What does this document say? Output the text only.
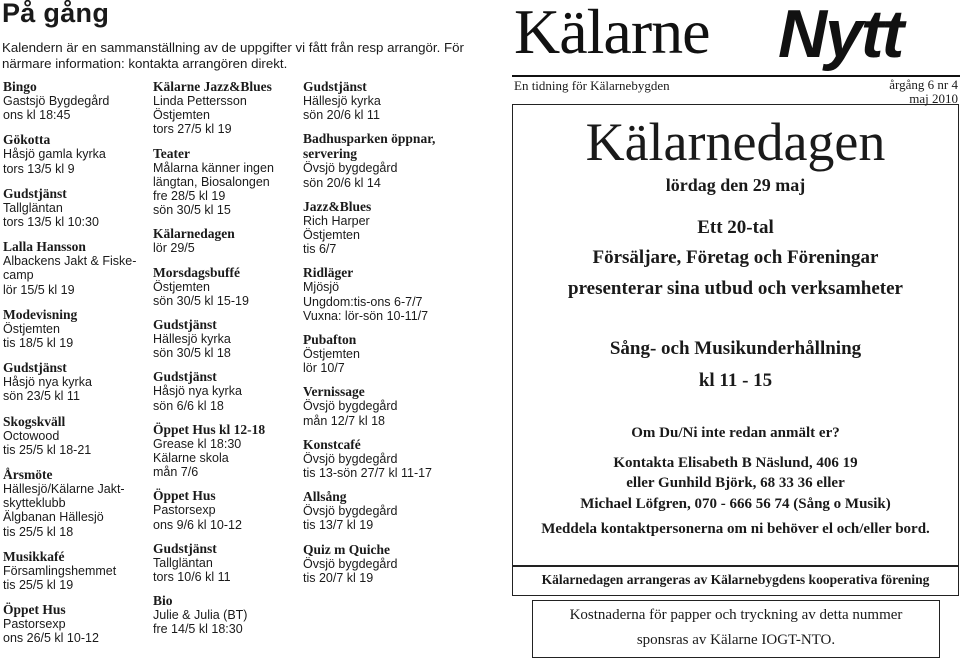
På gång
Kalendern är en sammanställning av de uppgifter vi fått från resp arrangör. För närmare information: kontakta arrangören direkt.
Bingo
Gastsjö Bygdegård
ons kl 18:45
Gökotta
Håsjö gamla kyrka
tors 13/5 kl 9
Gudstjänst
Tallgläntan
tors 13/5 kl 10:30
Lalla Hansson
Albackens Jakt & Fiske-
camp
lör 15/5 kl 19
Modevisning
Östjemten
tis 18/5 kl 19
Gudstjänst
Håsjö nya kyrka
sön 23/5 kl 11
Skogskväll
Octowood
tis 25/5 kl 18-21
Årsmöte
Hällesjö/Kälarne Jakt-
skytteklubb
Älgbanan Hällesjö
tis 25/5 kl 18
Musikkafé
Församlingshemmet
tis 25/5 kl 19
Öppet Hus
Pastorsexp
ons 26/5 kl 10-12
Kälarne Jazz&Blues
Linda Pettersson
Östjemten
tors 27/5 kl 19
Teater
Målarna känner ingen
längtan, Biosalongen
fre 28/5 kl 19
sön 30/5 kl 15
Kälarnedagen
lör 29/5
Morsdagsbuffé
Östjemten
sön 30/5 kl 15-19
Gudstjänst
Hällesjö kyrka
sön 30/5 kl 18
Gudstjänst
Håsjö nya kyrka
sön 6/6 kl 18
Öppet Hus kl 12-18
Grease kl 18:30
Kälarne skola
mån 7/6
Öppet Hus
Pastorsexp
ons 9/6 kl 10-12
Gudstjänst
Tallgläntan
tors 10/6 kl 11
Bio
Julie & Julia (BT)
fre 14/5 kl 18:30
Gudstjänst
Hällesjö kyrka
sön 20/6 kl 11
Badhusparken öppnar, servering
Övsjö bygdegård
sön 20/6 kl 14
Jazz&Blues
Rich Harper
Östjemten
tis 6/7
Ridläger
Mjösjö
Ungdom:tis-ons 6-7/7
Vuxna: lör-sön 10-11/7
Pubafton
Östjemten
lör 10/7
Vernissage
Övsjö bygdegård
mån 12/7 kl 18
Konstcafé
Övsjö bygdegård
tis 13-sön 27/7 kl 11-17
Allsång
Övsjö bygdegård
tis 13/7 kl 19
Quiz m Quiche
Övsjö bygdegård
tis 20/7 kl 19
Kälarne Nytt
En tidning för Kälarnebygden	årgång 6 nr 4
maj 2010
Kälarnedagen
lördag den 29 maj
Ett 20-tal
Försäljare, Företag och Föreningar
presenterar sina utbud och verksamheter
Sång- och Musikunderhållning
kl 11 - 15
Om Du/Ni inte redan anmält er?
Kontakta Elisabeth B Näslund, 406 19
eller Gunhild Björk, 68 33 36 eller
Michael Löfgren, 070 - 666 56 74 (Sång o Musik)
Meddela kontaktpersonerna om ni behöver el och/eller bord.
Kälarnedagen arrangeras av Kälarnebygdens kooperativa förening
Kostnaderna för papper och tryckning av detta nummer
sponsras av Kälarne IOGT-NTO.
